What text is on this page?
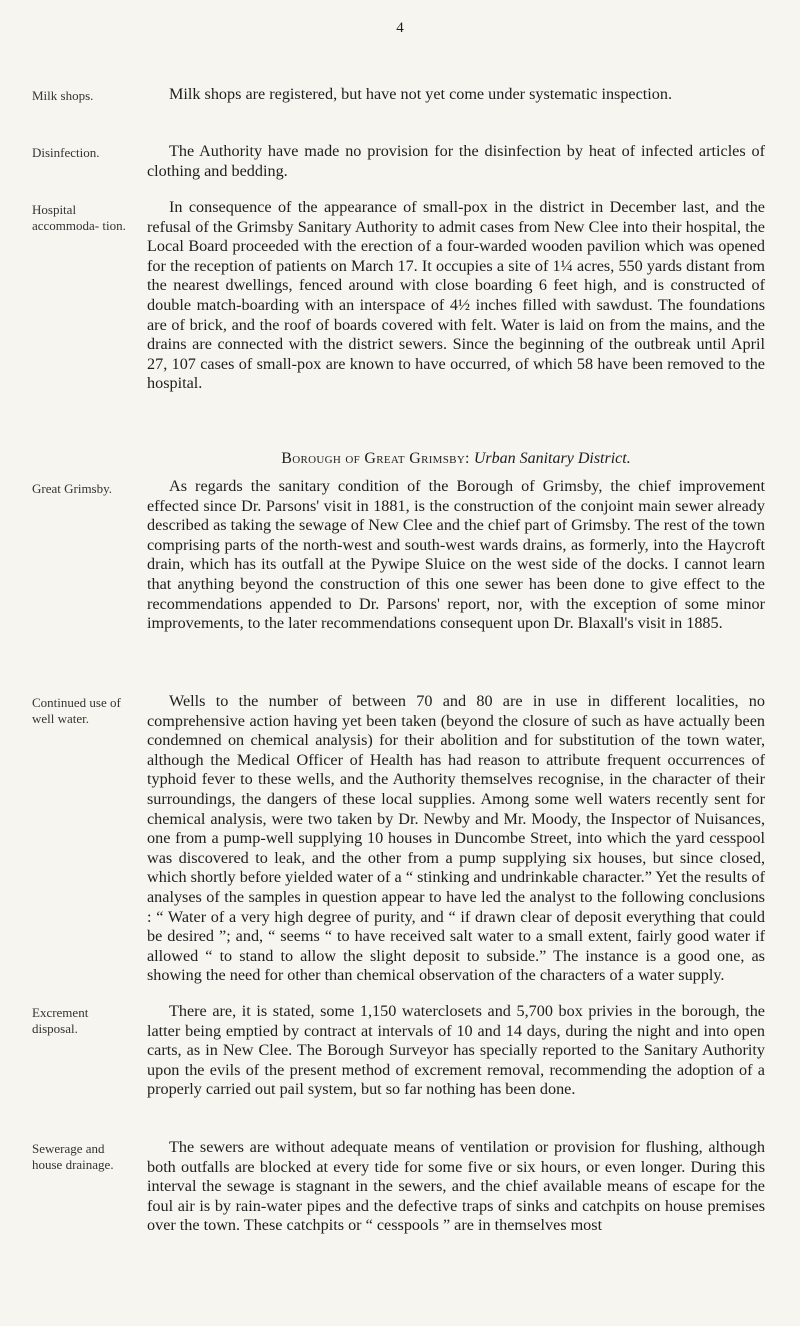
4
Milk shops.	Milk shops are registered, but have not yet come under systematic inspection.
Disinfection.	The Authority have made no provision for the disinfection by heat of infected articles of clothing and bedding.
Hospital accommoda- tion.
In consequence of the appearance of small-pox in the district in December last, and the refusal of the Grimsby Sanitary Authority to admit cases from New Clee into their hospital, the Local Board proceeded with the erection of a four-warded wooden pavilion which was opened for the reception of patients on March 17. It occupies a site of 1¼ acres, 550 yards distant from the nearest dwellings, fenced around with close boarding 6 feet high, and is constructed of double match-boarding with an interspace of 4½ inches filled with sawdust. The foundations are of brick, and the roof of boards covered with felt. Water is laid on from the mains, and the drains are connected with the district sewers. Since the beginning of the outbreak until April 27, 107 cases of small-pox are known to have occurred, of which 58 have been removed to the hospital.
Borough of Great Grimsby: Urban Sanitary District.
Great Grimsby.	As regards the sanitary condition of the Borough of Grimsby, the chief improvement effected since Dr. Parsons' visit in 1881, is the construction of the conjoint main sewer already described as taking the sewage of New Clee and the chief part of Grimsby. The rest of the town comprising parts of the north-west and south-west wards drains, as formerly, into the Haycroft drain, which has its outfall at the Pywipe Sluice on the west side of the docks. I cannot learn that anything beyond the construction of this one sewer has been done to give effect to the recommendations appended to Dr. Parsons' report, nor, with the exception of some minor improvements, to the later recommendations consequent upon Dr. Blaxall's visit in 1885.
Continued use of well water.
Wells to the number of between 70 and 80 are in use in different localities, no comprehensive action having yet been taken (beyond the closure of such as have actually been condemned on chemical analysis) for their abolition and for substitution of the town water, although the Medical Officer of Health has had reason to attribute frequent occurrences of typhoid fever to these wells, and the Authority themselves recognise, in the character of their surroundings, the dangers of these local supplies. Among some well waters recently sent for chemical analysis, were two taken by Dr. Newby and Mr. Moody, the Inspector of Nuisances, one from a pump-well supplying 10 houses in Duncombe Street, into which the yard cesspool was discovered to leak, and the other from a pump supplying six houses, but since closed, which shortly before yielded water of a “ stinking and undrinkable character.” Yet the results of analyses of the samples in question appear to have led the analyst to the following conclusions : “ Water of a very high degree of purity, and “ if drawn clear of deposit everything that could be desired ”; and, “ seems “ to have received salt water to a small extent, fairly good water if allowed “ to stand to allow the slight deposit to subside.” The instance is a good one, as showing the need for other than chemical observation of the characters of a water supply.
Excrement disposal.
There are, it is stated, some 1,150 waterclosets and 5,700 box privies in the borough, the latter being emptied by contract at intervals of 10 and 14 days, during the night and into open carts, as in New Clee. The Borough Surveyor has specially reported to the Sanitary Authority upon the evils of the present method of excrement removal, recommending the adoption of a properly carried out pail system, but so far nothing has been done.
Sewerage and house drainage.
The sewers are without adequate means of ventilation or provision for flushing, although both outfalls are blocked at every tide for some five or six hours, or even longer. During this interval the sewage is stagnant in the sewers, and the chief available means of escape for the foul air is by rain-water pipes and the defective traps of sinks and catchpits on house premises over the town. These catchpits or “ cesspools ” are in themselves most
